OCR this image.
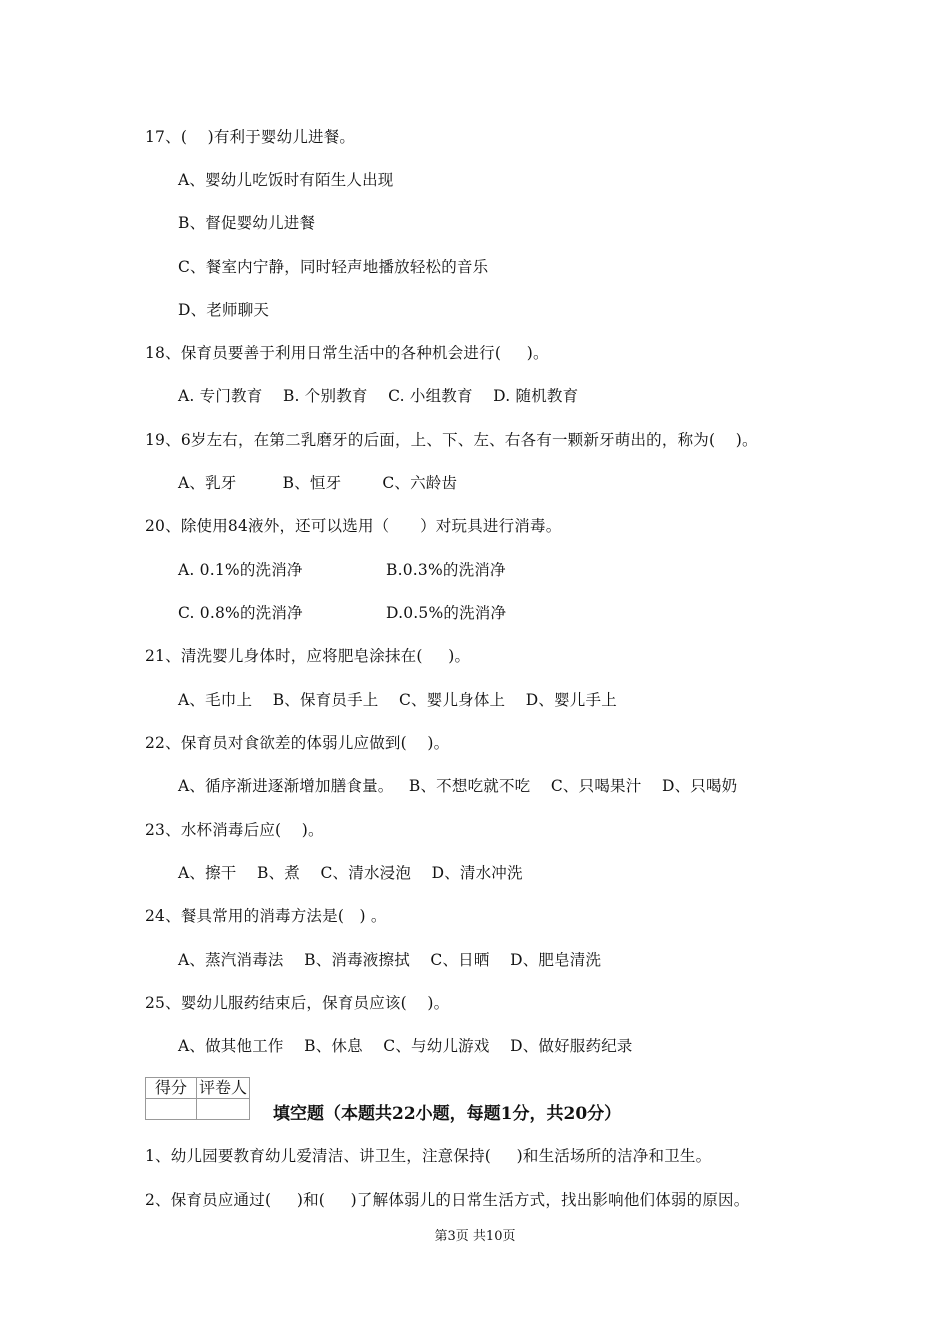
17、(    )有利于婴幼儿进餐。
A、婴幼儿吃饭时有陌生人出现
B、督促婴幼儿进餐
C、餐室内宁静，同时轻声地播放轻松的音乐
D、老师聊天
18、保育员要善于利用日常生活中的各种机会进行(     )。
A. 专门教育    B. 个别教育    C. 小组教育    D. 随机教育
19、6岁左右，在第二乳磨牙的后面，上、下、左、右各有一颗新牙萌出的，称为(    )。
A、乳牙         B、恒牙        C、六龄齿
20、除使用84液外，还可以选用（      ）对玩具进行消毒。
A. 0.1%的洗消净	B.0.3%的洗消净
C. 0.8%的洗消净	D.0.5%的洗消净
21、清洗婴儿身体时，应将肥皂涂抹在(     )。
A、毛巾上    B、保育员手上    C、婴儿身体上    D、婴儿手上
22、保育员对食欲差的体弱儿应做到(    )。
A、循序渐进逐渐增加膳食量。   B、不想吃就不吃    C、只喝果汁    D、只喝奶
23、水杯消毒后应(    )。
A、擦干    B、煮    C、清水浸泡    D、清水冲洗
24、餐具常用的消毒方法是(   ) 。
A、蒸汽消毒法    B、消毒液擦拭    C、日晒    D、肥皂清洗
25、婴幼儿服药结束后，保育员应该(    )。
A、做其他工作    B、休息    C、与幼儿游戏    D、做好服药纪录
得分	评卷人

填空题（本题共22小题，每题1分，共20分）
1、幼儿园要教育幼儿爱清洁、讲卫生，注意保持(     )和生活场所的洁净和卫生。
2、保育员应通过(     )和(     )了解体弱儿的日常生活方式，找出影响他们体弱的原因。
第3页 共10页
